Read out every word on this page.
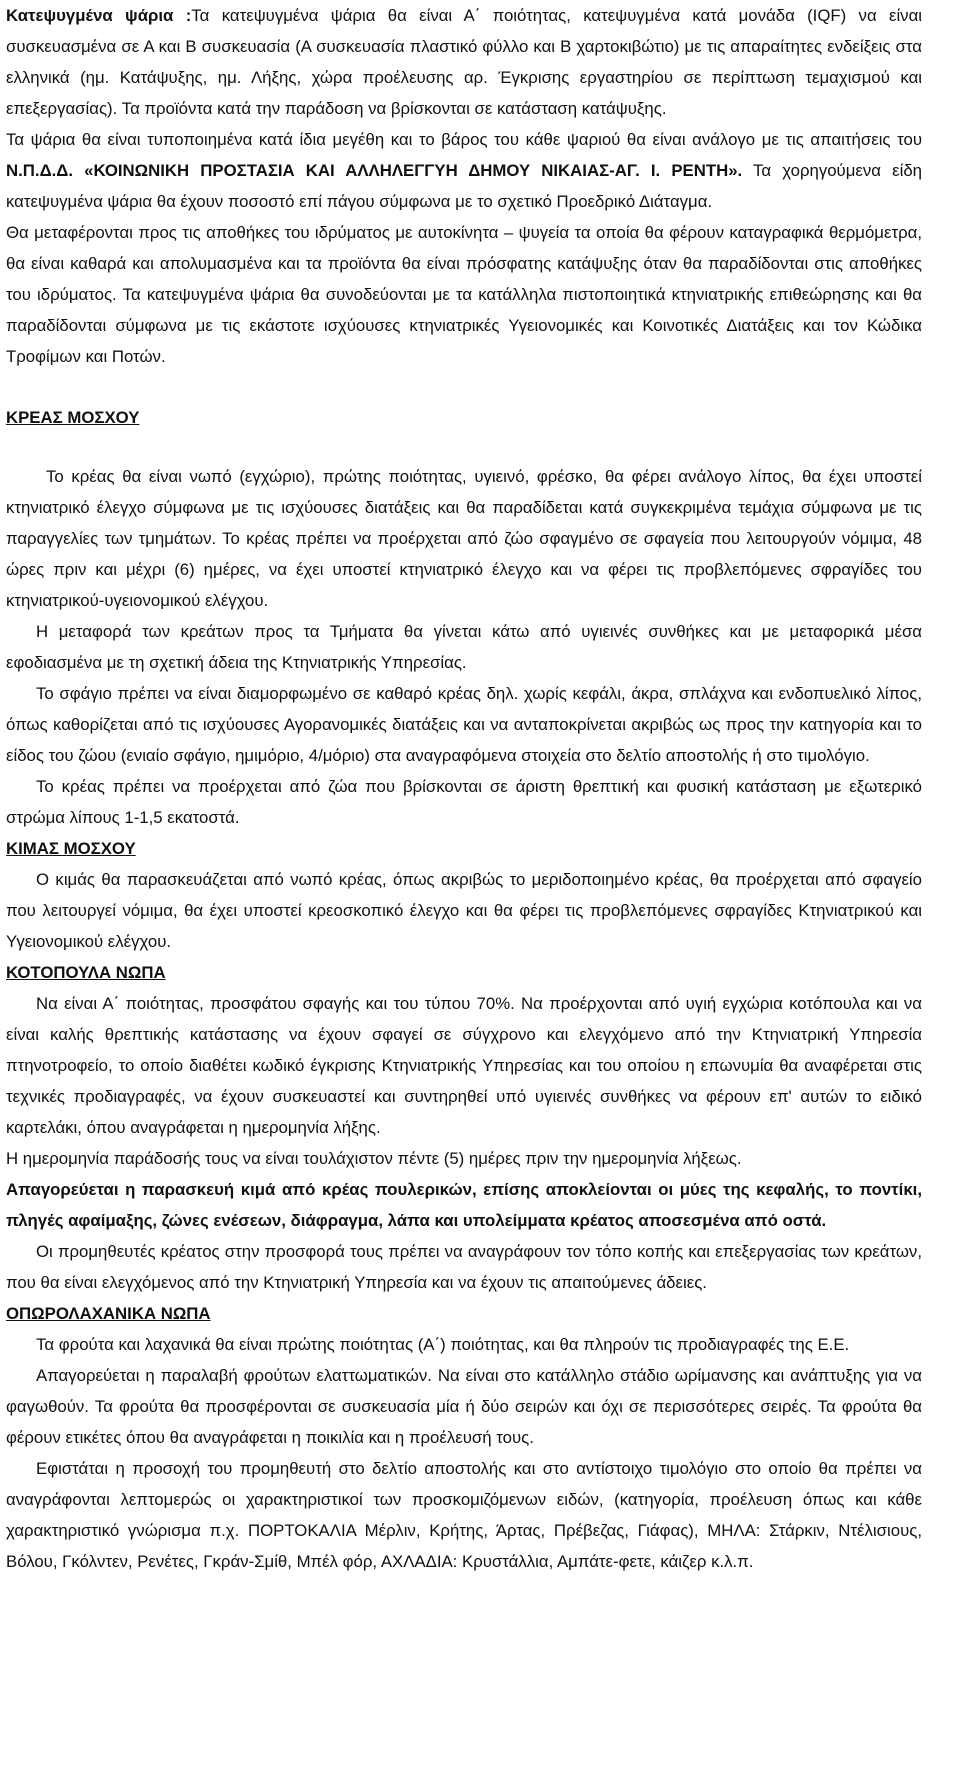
Κατεψυγμένα ψάρια :Τα κατεψυγμένα ψάρια θα είναι Α΄ ποιότητας, κατεψυγμένα κατά μονάδα (IQF) να είναι συσκευασμένα σε Α και Β συσκευασία (Α συσκευασία πλαστικό φύλλο και Β χαρτοκιβώτιο) με τις απαραίτητες ενδείξεις στα ελληνικά (ημ. Κατάψυξης, ημ. Λήξης, χώρα προέλευσης αρ. Έγκρισης εργαστηρίου σε περίπτωση τεμαχισμού και επεξεργασίας). Τα προϊόντα κατά την παράδοση να βρίσκονται σε κατάσταση κατάψυξης.

Τα ψάρια θα είναι τυποποιημένα κατά ίδια μεγέθη και το βάρος του κάθε ψαριού θα είναι ανάλογο με τις απαιτήσεις του Ν.Π.Δ.Δ. «ΚΟΙΝΩΝΙΚΗ ΠΡΟΣΤΑΣΙΑ ΚΑΙ ΑΛΛΗΛΕΓΓΥΗ ΔΗΜΟΥ ΝΙΚΑΙΑΣ-ΑΓ. Ι. ΡΕΝΤΗ». Τα χορηγούμενα είδη κατεψυγμένα ψάρια θα έχουν ποσοστό επί πάγου σύμφωνα με το σχετικό Προεδρικό Διάταγμα.

Θα μεταφέρονται προς τις αποθήκες του ιδρύματος με αυτοκίνητα – ψυγεία τα οποία θα φέρουν καταγραφικά θερμόμετρα, θα είναι καθαρά και απολυμασμένα και τα προϊόντα θα είναι πρόσφατης κατάψυξης όταν θα παραδίδονται στις αποθήκες του ιδρύματος. Τα κατεψυγμένα ψάρια θα συνοδεύονται με τα κατάλληλα πιστοποιητικά κτηνιατρικής επιθεώρησης και θα παραδίδονται σύμφωνα με τις εκάστοτε ισχύουσες κτηνιατρικές Υγειονομικές και Κοινοτικές Διατάξεις και τον Κώδικα Τροφίμων και Ποτών.

ΚΡΕΑΣ ΜΟΣΧΟΥ

Το κρέας θα είναι νωπό (εγχώριο), πρώτης ποιότητας, υγιεινό, φρέσκο, θα φέρει ανάλογο λίπος, θα έχει υποστεί κτηνιατρικό έλεγχο σύμφωνα με τις ισχύουσες διατάξεις και θα παραδίδεται κατά συγκεκριμένα τεμάχια σύμφωνα με τις παραγγελίες των τμημάτων. Το κρέας πρέπει να προέρχεται από ζώο σφαγμένο σε σφαγεία που λειτουργούν νόμιμα, 48 ώρες πριν και μέχρι (6) ημέρες, να έχει υποστεί κτηνιατρικό έλεγχο και να φέρει τις προβλεπόμενες σφραγίδες του κτηνιατρικού-υγειονομικού ελέγχου.

Η μεταφορά των κρεάτων προς τα Τμήματα θα γίνεται κάτω από υγιεινές συνθήκες και με μεταφορικά μέσα εφοδιασμένα με τη σχετική άδεια της Κτηνιατρικής Υπηρεσίας.

Το σφάγιο πρέπει να είναι διαμορφωμένο σε καθαρό κρέας δηλ. χωρίς κεφάλι, άκρα, σπλάχνα και ενδοπυελικό λίπος, όπως καθορίζεται από τις ισχύουσες Αγορανομικές διατάξεις και να ανταποκρίνεται ακριβώς ως προς την κατηγορία και το είδος του ζώου (ενιαίο σφάγιο, ημιμόριο, 4/μόριο) στα αναγραφόμενα στοιχεία στο δελτίο αποστολής ή στο τιμολόγιο.

Το κρέας πρέπει να προέρχεται από ζώα που βρίσκονται σε άριστη θρεπτική και φυσική κατάσταση με εξωτερικό στρώμα λίπους 1-1,5 εκατοστά.

ΚΙΜΑΣ ΜΟΣΧΟΥ

Ο κιμάς θα παρασκευάζεται από νωπό κρέας, όπως ακριβώς το μεριδοποιημένο κρέας, θα προέρχεται από σφαγείο που λειτουργεί νόμιμα, θα έχει υποστεί κρεοσκοπικό έλεγχο και θα φέρει τις προβλεπόμενες σφραγίδες Κτηνιατρικού και Υγειονομικού ελέγχου.

ΚΟΤΟΠΟΥΛΑ ΝΩΠΑ

Να είναι Α΄ ποιότητας, προσφάτου σφαγής και του τύπου 70%. Να προέρχονται από υγιή εγχώρια κοτόπουλα και να είναι καλής θρεπτικής κατάστασης να έχουν σφαγεί σε σύγχρονο και ελεγχόμενο από την Κτηνιατρική Υπηρεσία πτηνοτροφείο, το οποίο διαθέτει κωδικό έγκρισης Κτηνιατρικής Υπηρεσίας και του οποίου η επωνυμία θα αναφέρεται στις τεχνικές προδιαγραφές, να έχουν συσκευαστεί και συντηρηθεί υπό υγιεινές συνθήκες να φέρουν επ' αυτών το ειδικό καρτελάκι, όπου αναγράφεται η ημερομηνία λήξης.

Η ημερομηνία παράδοσής τους να είναι τουλάχιστον πέντε (5) ημέρες πριν την ημερομηνία λήξεως.

Απαγορεύεται η παρασκευή κιμά από κρέας πουλερικών, επίσης αποκλείονται οι μύες της κεφαλής, το ποντίκι, πληγές αφαίμαξης, ζώνες ενέσεων, διάφραγμα, λάπα και υπολείμματα κρέατος αποσεσμένα από οστά.

Οι προμηθευτές κρέατος στην προσφορά τους πρέπει να αναγράφουν τον τόπο κοπής και επεξεργασίας των κρεάτων, που θα είναι ελεγχόμενος από την Κτηνιατρική Υπηρεσία και να έχουν τις απαιτούμενες άδειες.

ΟΠΩΡΟΛΑΧΑΝΙΚΑ ΝΩΠΑ

Τα φρούτα και λαχανικά θα είναι πρώτης ποιότητας (Α΄) ποιότητας, και θα πληρούν τις προδιαγραφές της Ε.Ε.

Απαγορεύεται η παραλαβή φρούτων ελαττωματικών. Να είναι στο κατάλληλο στάδιο ωρίμανσης και ανάπτυξης για να φαγωθούν. Τα φρούτα θα προσφέρονται σε συσκευασία μία ή δύο σειρών και όχι σε περισσότερες σειρές. Τα φρούτα θα φέρουν ετικέτες όπου θα αναγράφεται η ποικιλία και η προέλευσή τους.

Εφιστάται η προσοχή του προμηθευτή στο δελτίο αποστολής και στο αντίστοιχο τιμολόγιο στο οποίο θα πρέπει να αναγράφονται λεπτομερώς οι χαρακτηριστικοί των προσκομιζόμενων ειδών, (κατηγορία, προέλευση όπως και κάθε χαρακτηριστικό γνώρισμα π.χ. ΠΟΡΤΟΚΑΛΙΑ Μέρλιν, Κρήτης, Άρτας, Πρέβεζας, Γιάφας), ΜΗΛΑ: Στάρκιν, Ντέλισιους, Βόλου, Γκόλντεν, Ρενέτες, Γκράν-Σμίθ, Μπέλ φόρ, ΑΧΛΑΔΙΑ: Κρυστάλλια, Αμπάτε-φετε, κάιζερ κ.λ.π.
